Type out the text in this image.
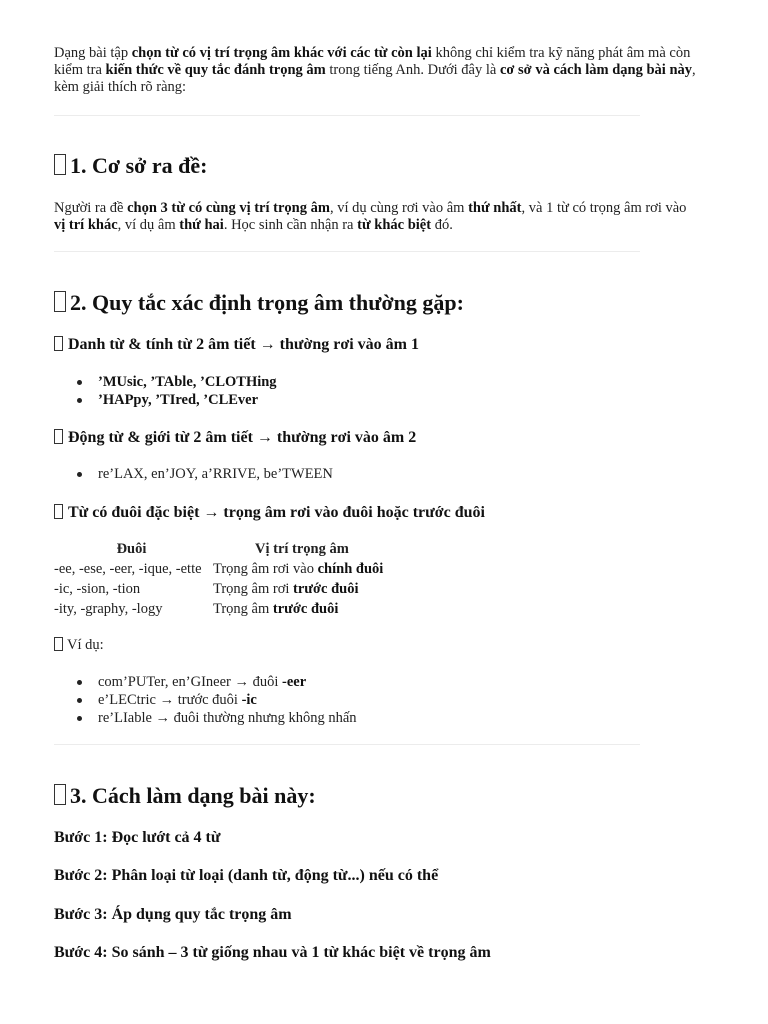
Dạng bài tập chọn từ có vị trí trọng âm khác với các từ còn lại không chỉ kiểm tra kỹ năng phát âm mà còn kiểm tra kiến thức về quy tắc đánh trọng âm trong tiếng Anh. Dưới đây là cơ sở và cách làm dạng bài này, kèm giải thích rõ ràng:

1. Cơ sở ra đề:

Người ra đề chọn 3 từ có cùng vị trí trọng âm, ví dụ cùng rơi vào âm thứ nhất, và 1 từ có trọng âm rơi vào vị trí khác, ví dụ âm thứ hai. Học sinh cần nhận ra từ khác biệt đó.

2. Quy tắc xác định trọng âm thường gặp:
Danh từ & tính từ 2 âm tiết → thường rơi vào âm 1
’MUsic, ’TAble, ’CLOTHing
’HAPpy, ’TIred, ’CLEver
Động từ & giới từ 2 âm tiết → thường rơi vào âm 2
re’LAX, en’JOY, a’RRIVE, be’TWEEN
Từ có đuôi đặc biệt → trọng âm rơi vào đuôi hoặc trước đuôi
Đuôi	Vị trí trọng âm
-ee, -ese, -eer, -ique, -ette	Trọng âm rơi vào chính đuôi
-ic, -sion, -tion	Trọng âm rơi trước đuôi
-ity, -graphy, -logy	Trọng âm trước đuôi
Ví dụ:
com’PUTer, en’GIneer → đuôi -eer
e’LECtric → trước đuôi -ic
re’LIable → đuôi thường nhưng không nhấn
3. Cách làm dạng bài này:
Bước 1: Đọc lướt cả 4 từ
Bước 2: Phân loại từ loại (danh từ, động từ...) nếu có thể
Bước 3: Áp dụng quy tắc trọng âm
Bước 4: So sánh – 3 từ giống nhau và 1 từ khác biệt về trọng âm
